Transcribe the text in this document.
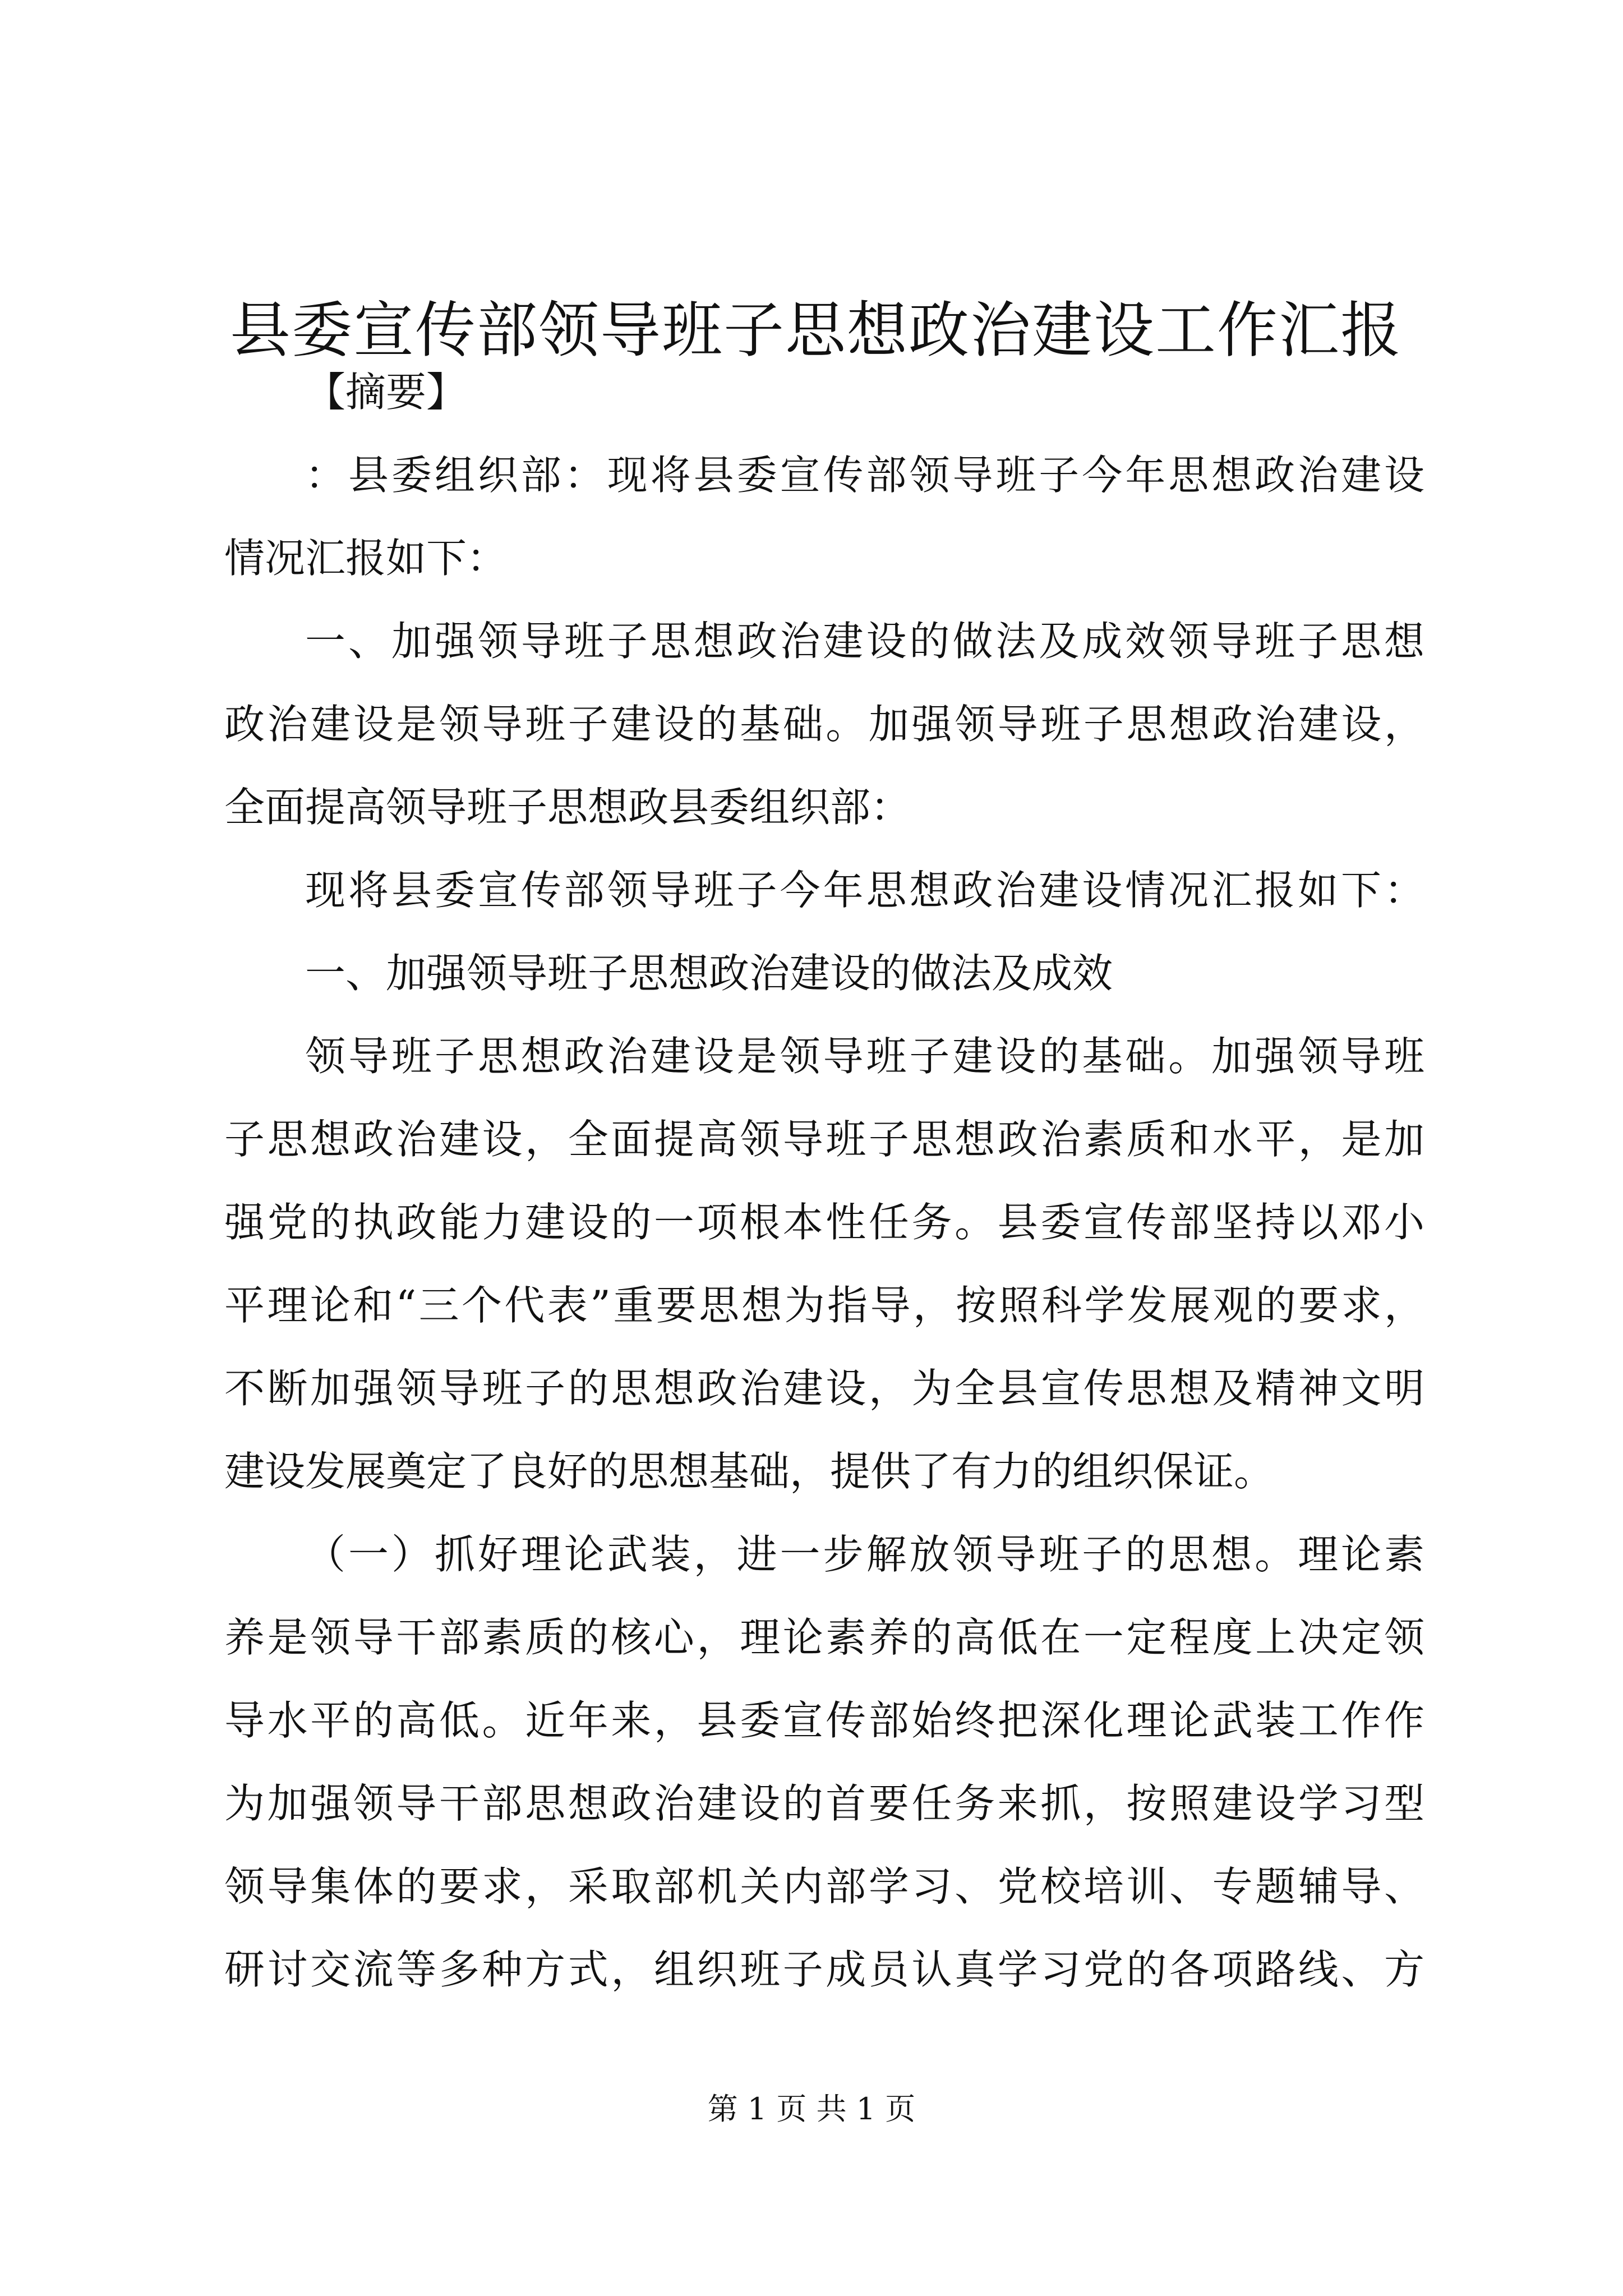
县委宣传部领导班子思想政治建设工作汇报
【摘要】
：县委组织部：现将县委宣传部领导班子今年思想政治建设
情况汇报如下：
一、加强领导班子思想政治建设的做法及成效领导班子思想
政治建设是领导班子建设的基础。加强领导班子思想政治建设，
全面提高领导班子思想政县委组织部：
现将县委宣传部领导班子今年思想政治建设情况汇报如下：
一、加强领导班子思想政治建设的做法及成效
领导班子思想政治建设是领导班子建设的基础。加强领导班
子思想政治建设，全面提高领导班子思想政治素质和水平，是加
强党的执政能力建设的一项根本性任务。县委宣传部坚持以邓小
平理论和“三个代表”重要思想为指导，按照科学发展观的要求，
不断加强领导班子的思想政治建设，为全县宣传思想及精神文明
建设发展奠定了良好的思想基础，提供了有力的组织保证。
（一）抓好理论武装，进一步解放领导班子的思想。理论素
养是领导干部素质的核心，理论素养的高低在一定程度上决定领
导水平的高低。近年来，县委宣传部始终把深化理论武装工作作
为加强领导干部思想政治建设的首要任务来抓，按照建设学习型
领导集体的要求，采取部机关内部学习、党校培训、专题辅导、
研讨交流等多种方式，组织班子成员认真学习党的各项路线、方
第 1 页 共 1 页
